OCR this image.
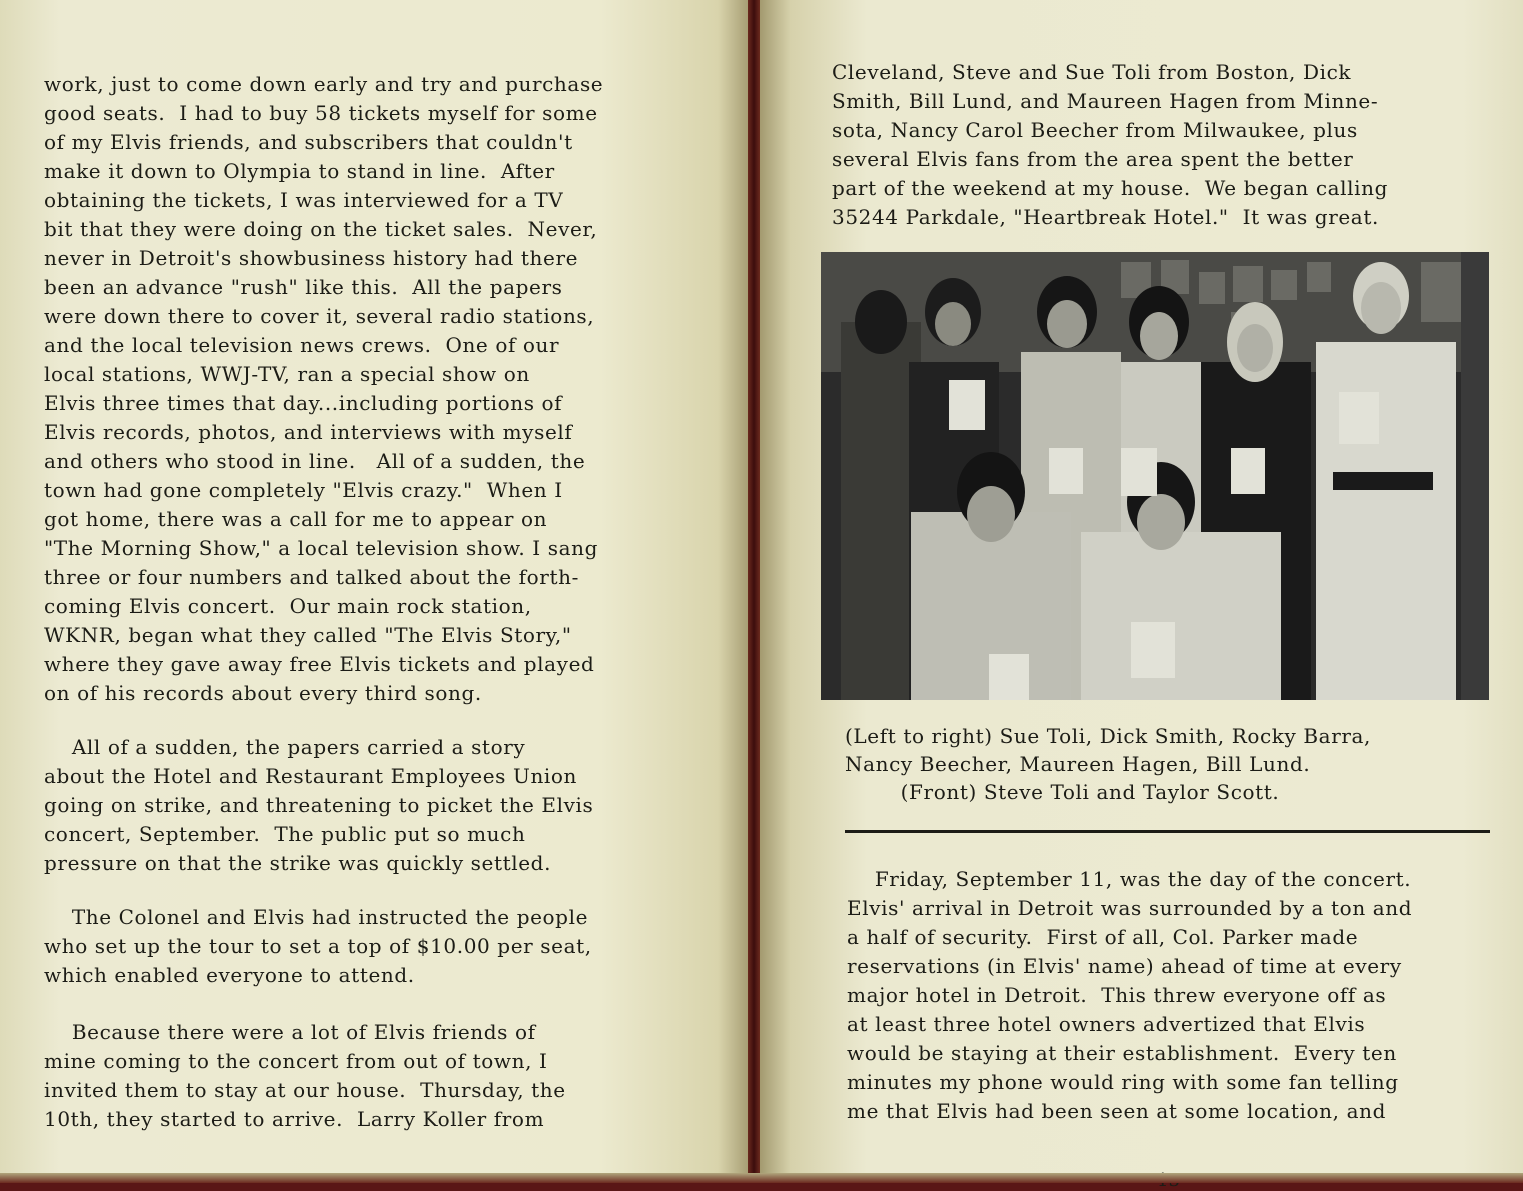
work, just to come down early and try and purchase
good seats.  I had to buy 58 tickets myself for some
of my Elvis friends, and subscribers that couldn't
make it down to Olympia to stand in line.  After
obtaining the tickets, I was interviewed for a TV
bit that they were doing on the ticket sales.  Never,
never in Detroit's showbusiness history had there
been an advance "rush" like this.  All the papers
were down there to cover it, several radio stations,
and the local television news crews.  One of our
local stations, WWJ-TV, ran a special show on
Elvis three times that day...including portions of
Elvis records, photos, and interviews with myself
and others who stood in line.   All of a sudden, the
town had gone completely "Elvis crazy."  When I
got home, there was a call for me to appear on
"The Morning Show," a local television show. I sang
three or four numbers and talked about the forth-
coming Elvis concert.  Our main rock station,
WKNR, began what they called "The Elvis Story,"
where they gave away free Elvis tickets and played
on of his records about every third song.

All of a sudden, the papers carried a story
about the Hotel and Restaurant Employees Union
going on strike, and threatening to picket the Elvis
concert, September.  The public put so much
pressure on that the strike was quickly settled.

The Colonel and Elvis had instructed the people
who set up the tour to set a top of $10.00 per seat,
which enabled everyone to attend.

Because there were a lot of Elvis friends of
mine coming to the concert from out of town, I
invited them to stay at our house.  Thursday, the
10th, they started to arrive.  Larry Koller from

Cleveland, Steve and Sue Toli from Boston, Dick
Smith, Bill Lund, and Maureen Hagen from Minne-
sota, Nancy Carol Beecher from Milwaukee, plus
several Elvis fans from the area spent the better
part of the weekend at my house.  We began calling
35244 Parkdale, "Heartbreak Hotel."  It was great.

(Left to right) Sue Toli, Dick Smith, Rocky Barra,
Nancy Beecher, Maureen Hagen, Bill Lund.
(Front) Steve Toli and Taylor Scott.

Friday, September 11, was the day of the concert.
Elvis' arrival in Detroit was surrounded by a ton and
a half of security.  First of all, Col. Parker made
reservations (in Elvis' name) ahead of time at every
major hotel in Detroit.  This threw everyone off as
at least three hotel owners advertized that Elvis
would be staying at their establishment.  Every ten
minutes my phone would ring with some fan telling
me that Elvis had been seen at some location, and
